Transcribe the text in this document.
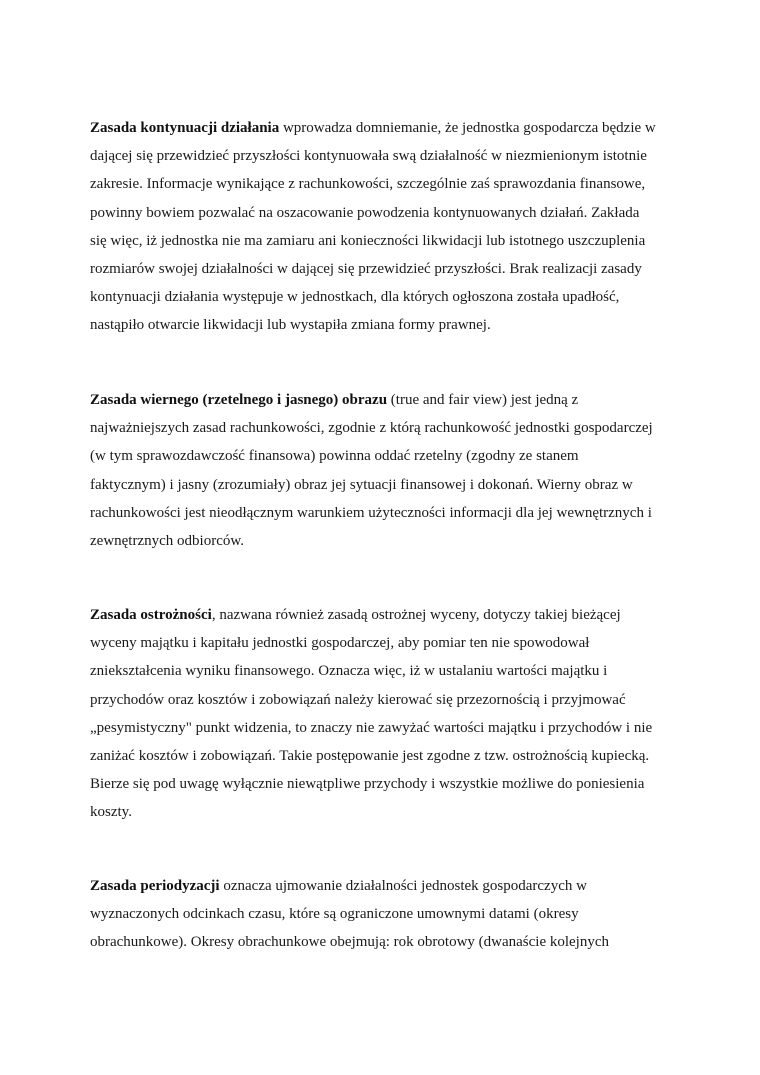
Zasada kontynuacji działania wprowadza domniemanie, że jednostka gospodarcza będzie w
dającej się przewidzieć przyszłości kontynuowała swą działalność w niezmienionym istotnie
zakresie. Informacje wynikające z rachunkowości, szczególnie zaś sprawozdania finansowe,
powinny bowiem pozwalać na oszacowanie powodzenia kontynuowanych działań. Zakłada
się więc, iż jednostka nie ma zamiaru ani konieczności likwidacji lub istotnego uszczuplenia
rozmiarów swojej działalności w dającej się przewidzieć przyszłości. Brak realizacji zasady
kontynuacji działania występuje w jednostkach, dla których ogłoszona została upadłość,
nastąpiło otwarcie likwidacji lub wystapiła zmiana formy prawnej.

Zasada wiernego (rzetelnego i jasnego) obrazu (true and fair view) jest jedną z
najważniejszych zasad rachunkowości, zgodnie z którą rachunkowość jednostki gospodarczej
(w tym sprawozdawczość finansowa) powinna oddać rzetelny (zgodny ze stanem
faktycznym) i jasny (zrozumiały) obraz jej sytuacji finansowej i dokonań. Wierny obraz w
rachunkowości jest nieodłącznym warunkiem użyteczności informacji dla jej wewnętrznych i
zewnętrznych odbiorców.

Zasada ostrożności, nazwana również zasadą ostrożnej wyceny, dotyczy takiej bieżącej
wyceny majątku i kapitału jednostki gospodarczej, aby pomiar ten nie spowodował
zniekształcenia wyniku finansowego. Oznacza więc, iż w ustalaniu wartości majątku i
przychodów oraz kosztów i zobowiązań należy kierować się przezornością i przyjmować
„pesymistyczny" punkt widzenia, to znaczy nie zawyżać wartości majątku i przychodów i nie
zaniżać kosztów i zobowiązań. Takie postępowanie jest zgodne z tzw. ostrożnością kupiecką.
Bierze się pod uwagę wyłącznie niewątpliwe przychody i wszystkie możliwe do poniesienia
koszty.

Zasada periodyzacji oznacza ujmowanie działalności jednostek gospodarczych w
wyznaczonych odcinkach czasu, które są ograniczone umownymi datami (okresy
obrachunkowe). Okresy obrachunkowe obejmują: rok obrotowy (dwanaście kolejnych
